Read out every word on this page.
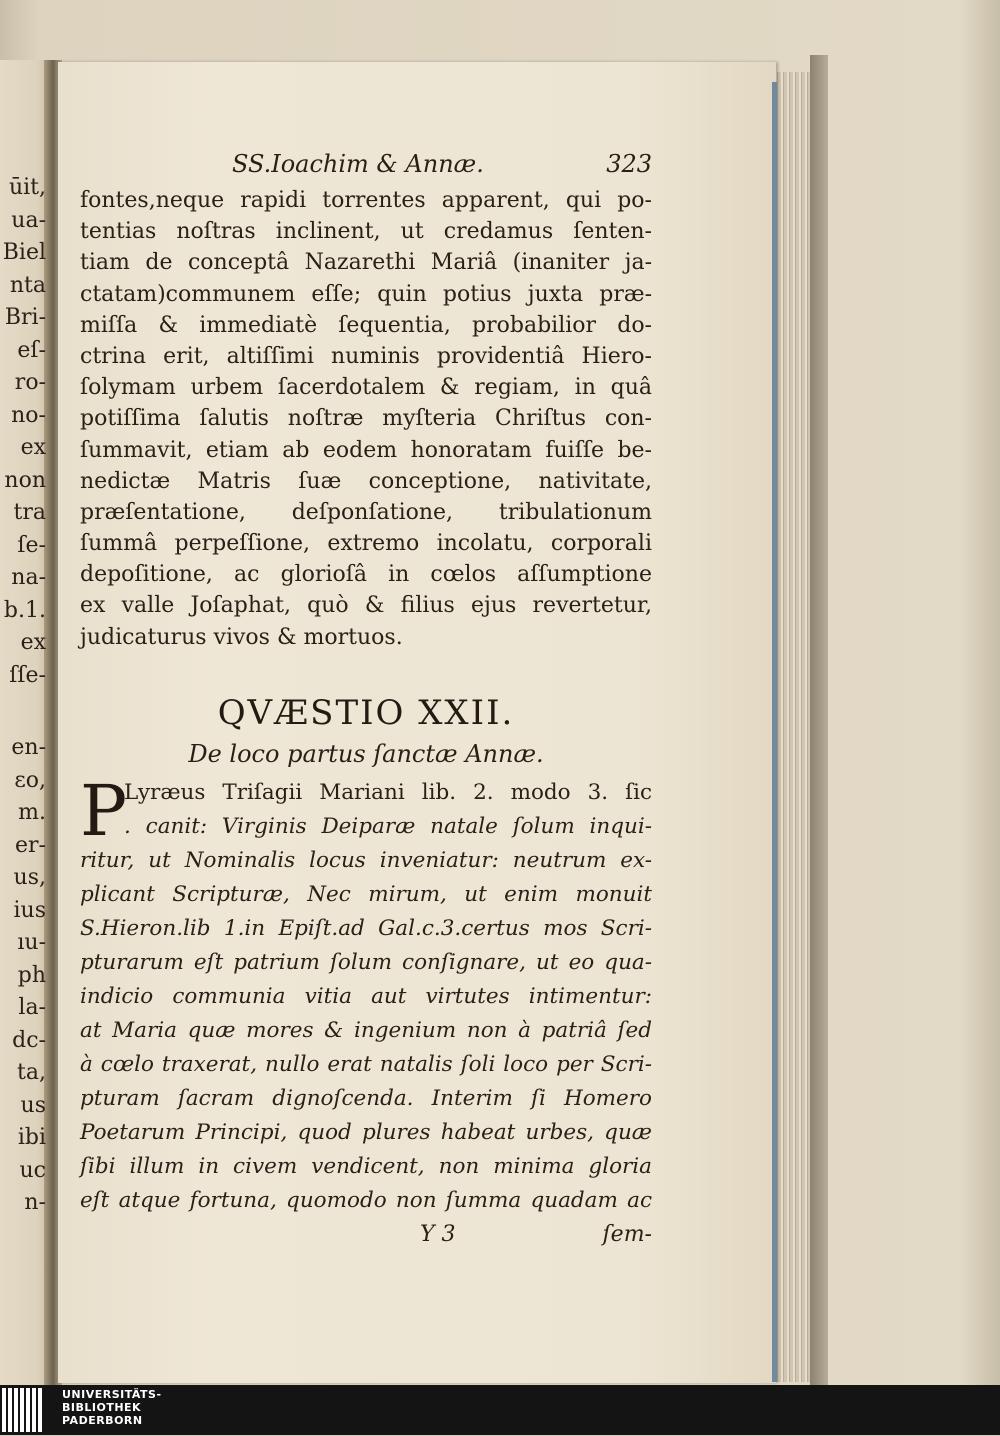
SS.Ioachim & Annæ.	323
fontes,neque rapidi torrentes apparent, qui po-
tentias noſtras inclinent, ut credamus ſenten-
tiam de conceptâ Nazarethi Mariâ (inaniter ja-
ctatam)communem eſſe; quin potius juxta præ-
miſſa & immediatè ſequentia, probabilior do-
ctrina erit, altiſſimi numinis providentiâ Hiero-
ſolymam urbem ſacerdotalem & regiam, in quâ
potiſſima ſalutis noſtræ myſteria Chriſtus con-
ſummavit, etiam ab eodem honoratam fuiſſe be-
nedictæ Matris ſuæ conceptione, nativitate,
præſentatione, deſponſatione, tribulationum
ſummâ perpeſſione, extremo incolatu, corporali
depoſitione, ac glorioſâ in cœlos aſſumptione
ex valle Joſaphat, quò & filius ejus revertetur,
judicaturus vivos & mortuos.
QVÆSTIO XXII.
De loco partus ſanctæ Annæ.
P
Lyræus Triſagii Mariani lib. 2. modo 3. ſic
. canit: Virginis Deiparæ natale ſolum inqui-
ritur, ut Nominalis locus inveniatur: neutrum ex-
plicant Scripturæ, Nec mirum, ut enim monuit
S.Hieron.lib 1.in Epiſt.ad Gal.c.3.certus mos Scri-
pturarum eſt patrium ſolum conſignare, ut eo qua-
indicio communia vitia aut virtutes intimentur:
at Maria quæ mores & ingenium non à patriâ ſed
à cœlo traxerat, nullo erat natalis ſoli loco per Scri-
pturam ſacram dignoſcenda. Interim ſi Homero
Poetarum Principi, quod plures habeat urbes, quæ
ſibi illum in civem vendicent, non minima gloria
eſt atque fortuna, quomodo non ſumma quadam ac
Y 3	ſem-
UNIVERSITÄTS-
BIBLIOTHEK
PADERBORN
ūit,
ua-
Biel
nta
Bri-
eſ-
ro-
no-
ex
non
tra
ſe-
na-
b.1.
ex
ſſe-
en-
ɛo,
m.
er-
us,
ius
ıu-
ph
la-
dc-
ta,
us
ibi
uc
n-
